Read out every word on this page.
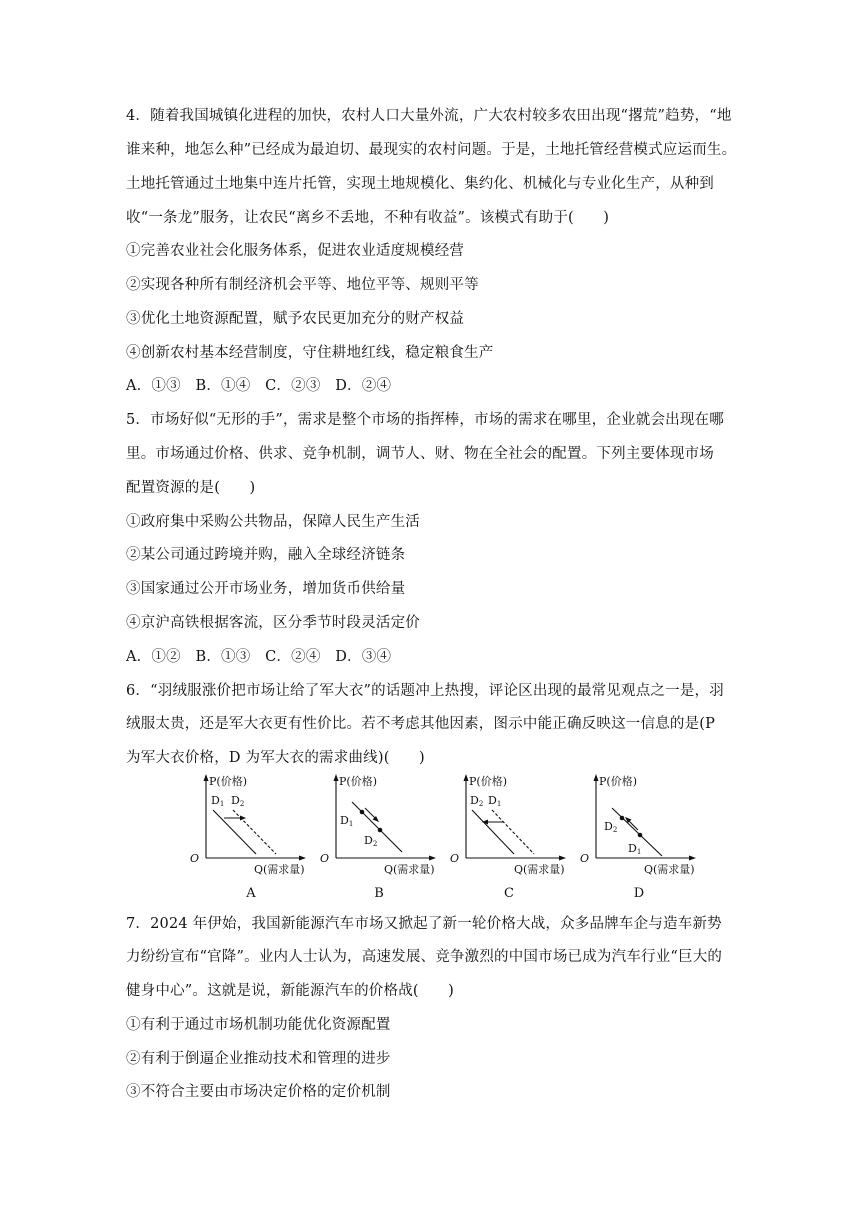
4．随着我国城镇化进程的加快，农村人口大量外流，广大农村较多农田出现“撂荒”趋势，“地
谁来种，地怎么种”已经成为最迫切、最现实的农村问题。于是，土地托管经营模式应运而生。
土地托管通过土地集中连片托管，实现土地规模化、集约化、机械化与专业化生产，从种到
收“一条龙”服务，让农民“离乡不丢地，不种有收益”。该模式有助于(　　)
①完善农业社会化服务体系，促进农业适度规模经营
②实现各种所有制经济机会平等、地位平等、规则平等
③优化土地资源配置，赋予农民更加充分的财产权益
④创新农村基本经营制度，守住耕地红线，稳定粮食生产
A．①③　B．①④　C．②③　D．②④
5．市场好似“无形的手”，需求是整个市场的指挥棒，市场的需求在哪里，企业就会出现在哪
里。市场通过价格、供求、竞争机制，调节人、财、物在全社会的配置。下列主要体现市场
配置资源的是(　　)
①政府集中采购公共物品，保障人民生产生活
②某公司通过跨境并购，融入全球经济链条
③国家通过公开市场业务，增加货币供给量
④京沪高铁根据客流，区分季节时段灵活定价
A．①②　B．①③　C．②④　D．③④
6．“羽绒服涨价把市场让给了军大衣”的话题冲上热搜，评论区出现的最常见观点之一是，羽
绒服太贵，还是军大衣更有性价比。若不考虑其他因素，图示中能正确反映这一信息的是(P
为军大衣价格，D 为军大衣的需求曲线)(　　)
P(价格)
Q(需求量)
O
D1 D2
A
P(价格)
Q(需求量)
O
D1
D2
B
P(价格)
Q(需求量)
O
D2 D1
C
P(价格)
Q(需求量)
O
D2
D1
D
7．2024 年伊始，我国新能源汽车市场又掀起了新一轮价格大战，众多品牌车企与造车新势
力纷纷宣布“官降”。业内人士认为，高速发展、竞争激烈的中国市场已成为汽车行业“巨大的
健身中心”。这就是说，新能源汽车的价格战(　　)
①有利于通过市场机制功能优化资源配置
②有利于倒逼企业推动技术和管理的进步
③不符合主要由市场决定价格的定价机制
